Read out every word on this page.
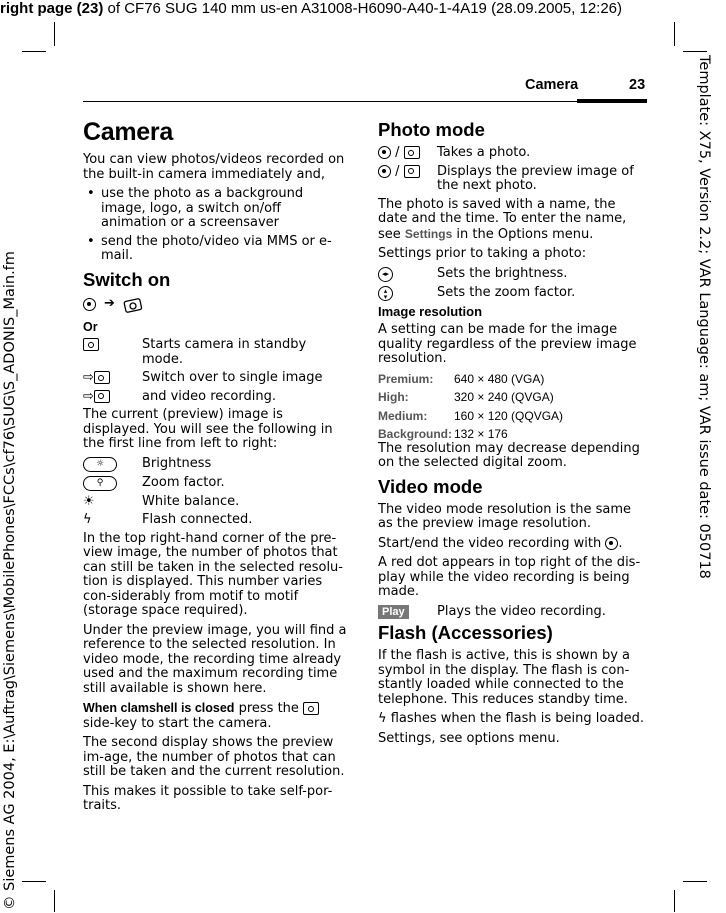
right page (23) of CF76 SUG 140 mm us-en A31008-H6090-A40-1-4A19 (28.09.2005, 12:26)
Template: X75, Version 2.2; VAR Language: am; VAR issue date: 050718
© Siemens AG 2004, E:\Auftrag\Siemens\MobilePhones\FCCs\cf76\SUG\S_ADONIS_Main.fm
Camera	23
Camera

You can view photos/videos recorded on the built-in camera immediately and,

• use the photo as a background image, logo, a switch on/off animation or a screensaver
• send the photo/video via MMS or e-mail.
Switch on
➔
Or
Starts camera in standby mode.
⇨	Switch over to single image
⇨	and video recording.

The current (preview) image is displayed. You will see the following in the first line from left to right:

☼	Brightness
⚲	Zoom factor.
☀	White balance.
ϟ	Flash connected.

In the top right-hand corner of the pre-view image, the number of photos that can still be taken in the selected resolu-tion is displayed. This number varies con-siderably from motif to motif (storage space required).

Under the preview image, you will find a reference to the selected resolution. In video mode, the recording time already used and the maximum recording time still available is shown here.

When clamshell is closed press the  side-key to start the camera.

The second display shows the preview im-age, the number of photos that can still be taken and the current resolution.

This makes it possible to take self-por-traits.

Photo mode

/
	Takes a photo.

/
	Displays the preview image of the next photo.

The photo is saved with a name, the date and the time. To enter the name, see Settings in the Options menu.

Settings prior to taking a photo:

◂▸	Sets the brightness.
▴
▾	Sets the zoom factor.
Image resolution

A setting can be made for the image quality regardless of the preview image resolution.

Premium:	640 × 480 (VGA)
High:	320 × 240 (QVGA)
Medium:	160 × 120 (QQVGA)
Background: 132 × 176

The resolution may decrease depending on the selected digital zoom.

Video mode

The video mode resolution is the same as the preview image resolution.

Start/end the video recording with .

A red dot appears in top right of the dis-play while the video recording is being made.

Play	Plays the video recording.
Flash (Accessories)

If the flash is active, this is shown by a symbol in the display. The flash is con-stantly loaded while connected to the telephone. This reduces standby time.

ϟ flashes when the flash is being loaded.

Settings, see options menu.
